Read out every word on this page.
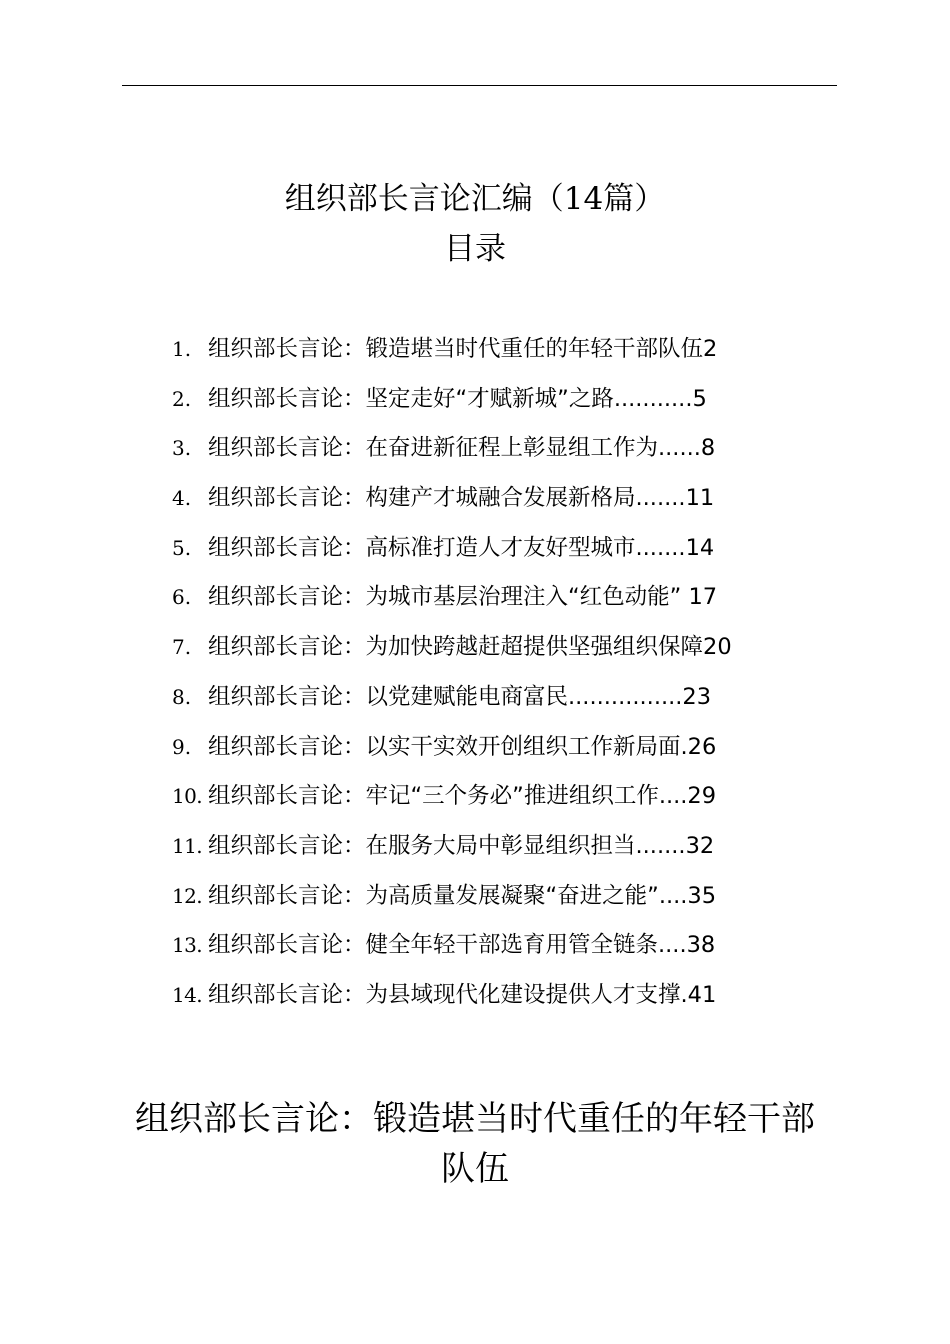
组织部长言论汇编（14篇）
目录
1. 组织部长言论：锻造堪当时代重任的年轻干部队伍2
2. 组织部长言论：坚定走好“才赋新城”之路...........5
3. 组织部长言论：在奋进新征程上彰显组工作为......8
4. 组织部长言论：构建产才城融合发展新格局.......11
5. 组织部长言论：高标准打造人才友好型城市.......14
6. 组织部长言论：为城市基层治理注入“红色动能” 17
7. 组织部长言论：为加快跨越赶超提供坚强组织保障20
8. 组织部长言论：以党建赋能电商富民................23
9. 组织部长言论：以实干实效开创组织工作新局面.26
10. 组织部长言论：牢记“三个务必”推进组织工作....29
11. 组织部长言论：在服务大局中彰显组织担当.......32
12. 组织部长言论：为高质量发展凝聚“奋进之能”....35
13. 组织部长言论：健全年轻干部选育用管全链条....38
14. 组织部长言论：为县域现代化建设提供人才支撑.41
组织部长言论：锻造堪当时代重任的年轻干部
队伍
